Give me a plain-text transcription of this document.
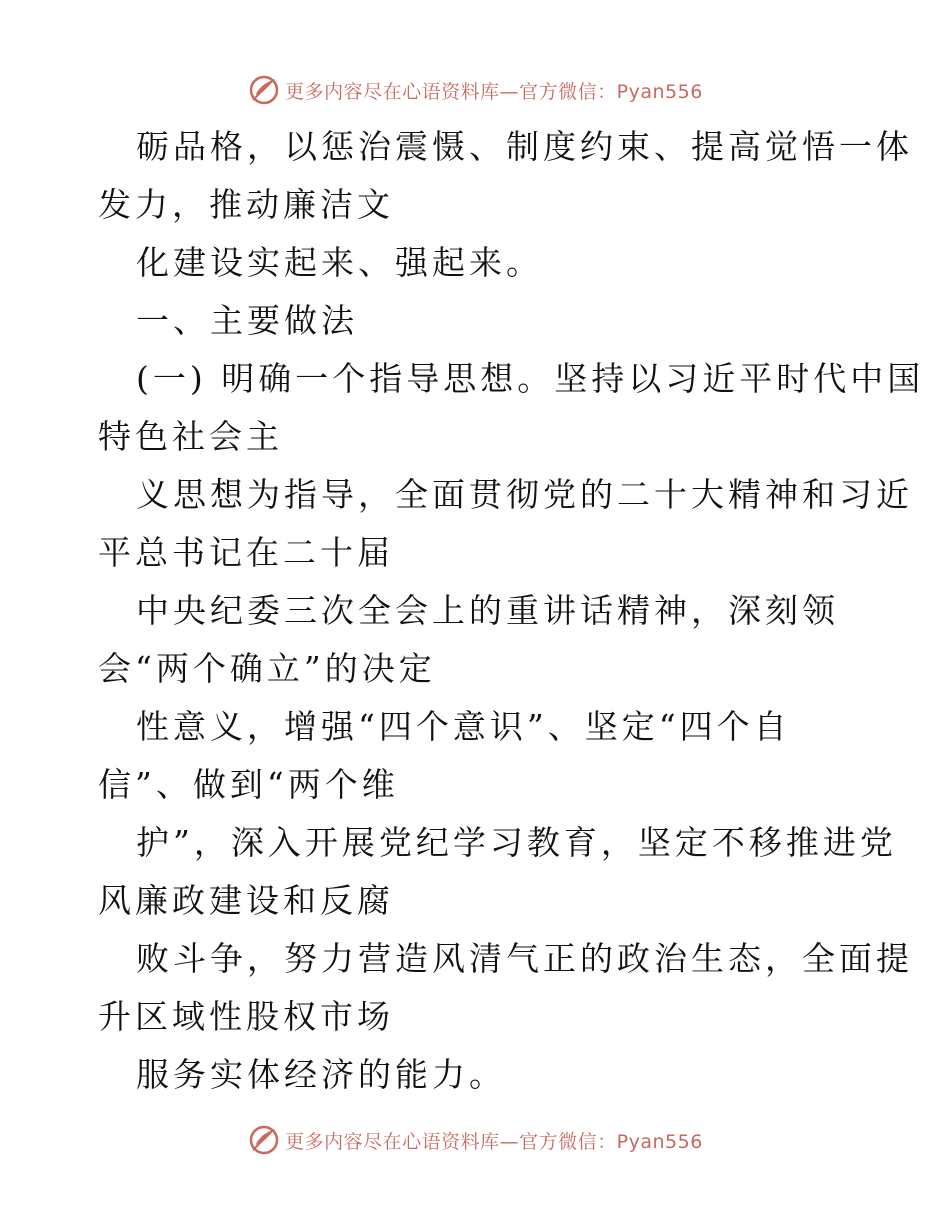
更多内容尽在心语资料库—官方微信：Pyan556
砺品格，以惩治震慑、制度约束、提高觉悟一体
发力，推动廉洁文
化建设实起来、强起来。
一、主要做法
(一) 明确一个指导思想。坚持以习近平时代中国
特色社会主
义思想为指导，全面贯彻党的二十大精神和习近
平总书记在二十届
中央纪委三次全会上的重讲话精神，深刻领
会“两个确立”的决定
性意义，增强“四个意识”、坚定“四个自
信”、做到“两个维
护”，深入开展党纪学习教育，坚定不移推进党
风廉政建设和反腐
败斗争，努力营造风清气正的政治生态，全面提
升区域性股权市场
服务实体经济的能力。
更多内容尽在心语资料库—官方微信：Pyan556
